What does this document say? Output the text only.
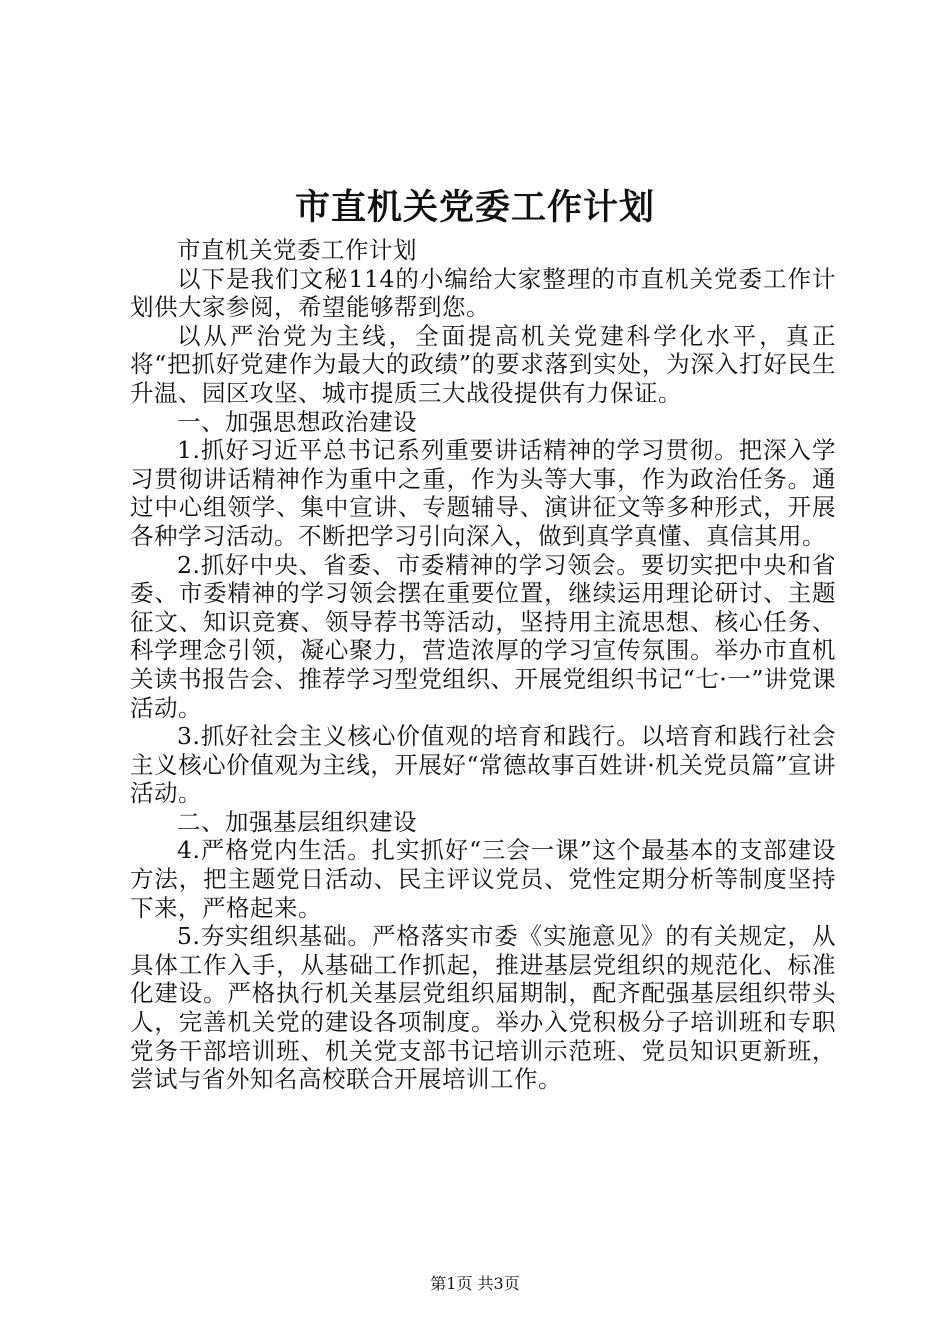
市直机关党委工作计划

市直机关党委工作计划

以下是我们文秘114的小编给大家整理的市直机关党委工作计划供大家参阅，希望能够帮到您。

以从严治党为主线，全面提高机关党建科学化水平，真正将“把抓好党建作为最大的政绩”的要求落到实处，为深入打好民生升温、园区攻坚、城市提质三大战役提供有力保证。

一、加强思想政治建设

1.抓好习近平总书记系列重要讲话精神的学习贯彻。把深入学习贯彻讲话精神作为重中之重，作为头等大事，作为政治任务。通过中心组领学、集中宣讲、专题辅导、演讲征文等多种形式，开展各种学习活动。不断把学习引向深入，做到真学真懂、真信其用。

2.抓好中央、省委、市委精神的学习领会。要切实把中央和省委、市委精神的学习领会摆在重要位置，继续运用理论研讨、主题征文、知识竞赛、领导荐书等活动，坚持用主流思想、核心任务、科学理念引领，凝心聚力，营造浓厚的学习宣传氛围。举办市直机关读书报告会、推荐学习型党组织、开展党组织书记“七·一”讲党课活动。

3.抓好社会主义核心价值观的培育和践行。以培育和践行社会主义核心价值观为主线，开展好“常德故事百姓讲·机关党员篇”宣讲活动。

二、加强基层组织建设

4.严格党内生活。扎实抓好“三会一课”这个最基本的支部建设方法，把主题党日活动、民主评议党员、党性定期分析等制度坚持下来，严格起来。

5.夯实组织基础。严格落实市委《实施意见》的有关规定，从具体工作入手，从基础工作抓起，推进基层党组织的规范化、标准化建设。严格执行机关基层党组织届期制，配齐配强基层组织带头人，完善机关党的建设各项制度。举办入党积极分子培训班和专职党务干部培训班、机关党支部书记培训示范班、党员知识更新班，尝试与省外知名高校联合开展培训工作。

第1页 共3页
